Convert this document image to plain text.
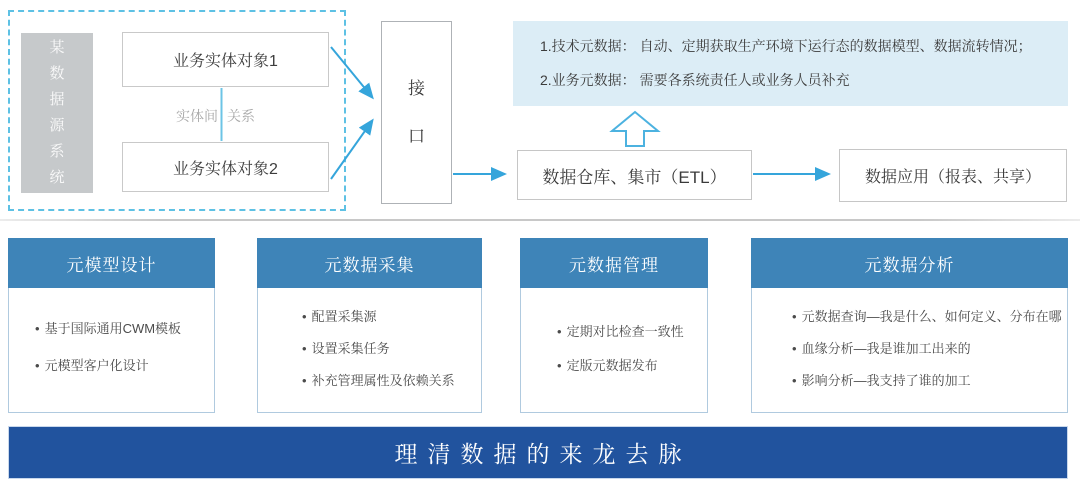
某数据源系统
业务实体对象1
业务实体对象2
实体间 关系
接口
1.技术元数据： 自动、定期获取生产环境下运行态的数据模型、数据流转情况；
2.业务元数据： 需要各系统责任人或业务人员补充
数据仓库、集市（ETL）	数据应用（报表、共享）
元模型设计
• 基于国际通用CWM模板
• 元模型客户化设计
元数据采集
• 配置采集源
• 设置采集任务
• 补充管理属性及依赖关系
元数据管理
• 定期对比检查一致性
• 定版元数据发布
元数据分析
• 元数据查询—我是什么、如何定义、分布在哪
• 血缘分析—我是谁加工出来的
• 影响分析—我支持了谁的加工
理清数据的来龙去脉
